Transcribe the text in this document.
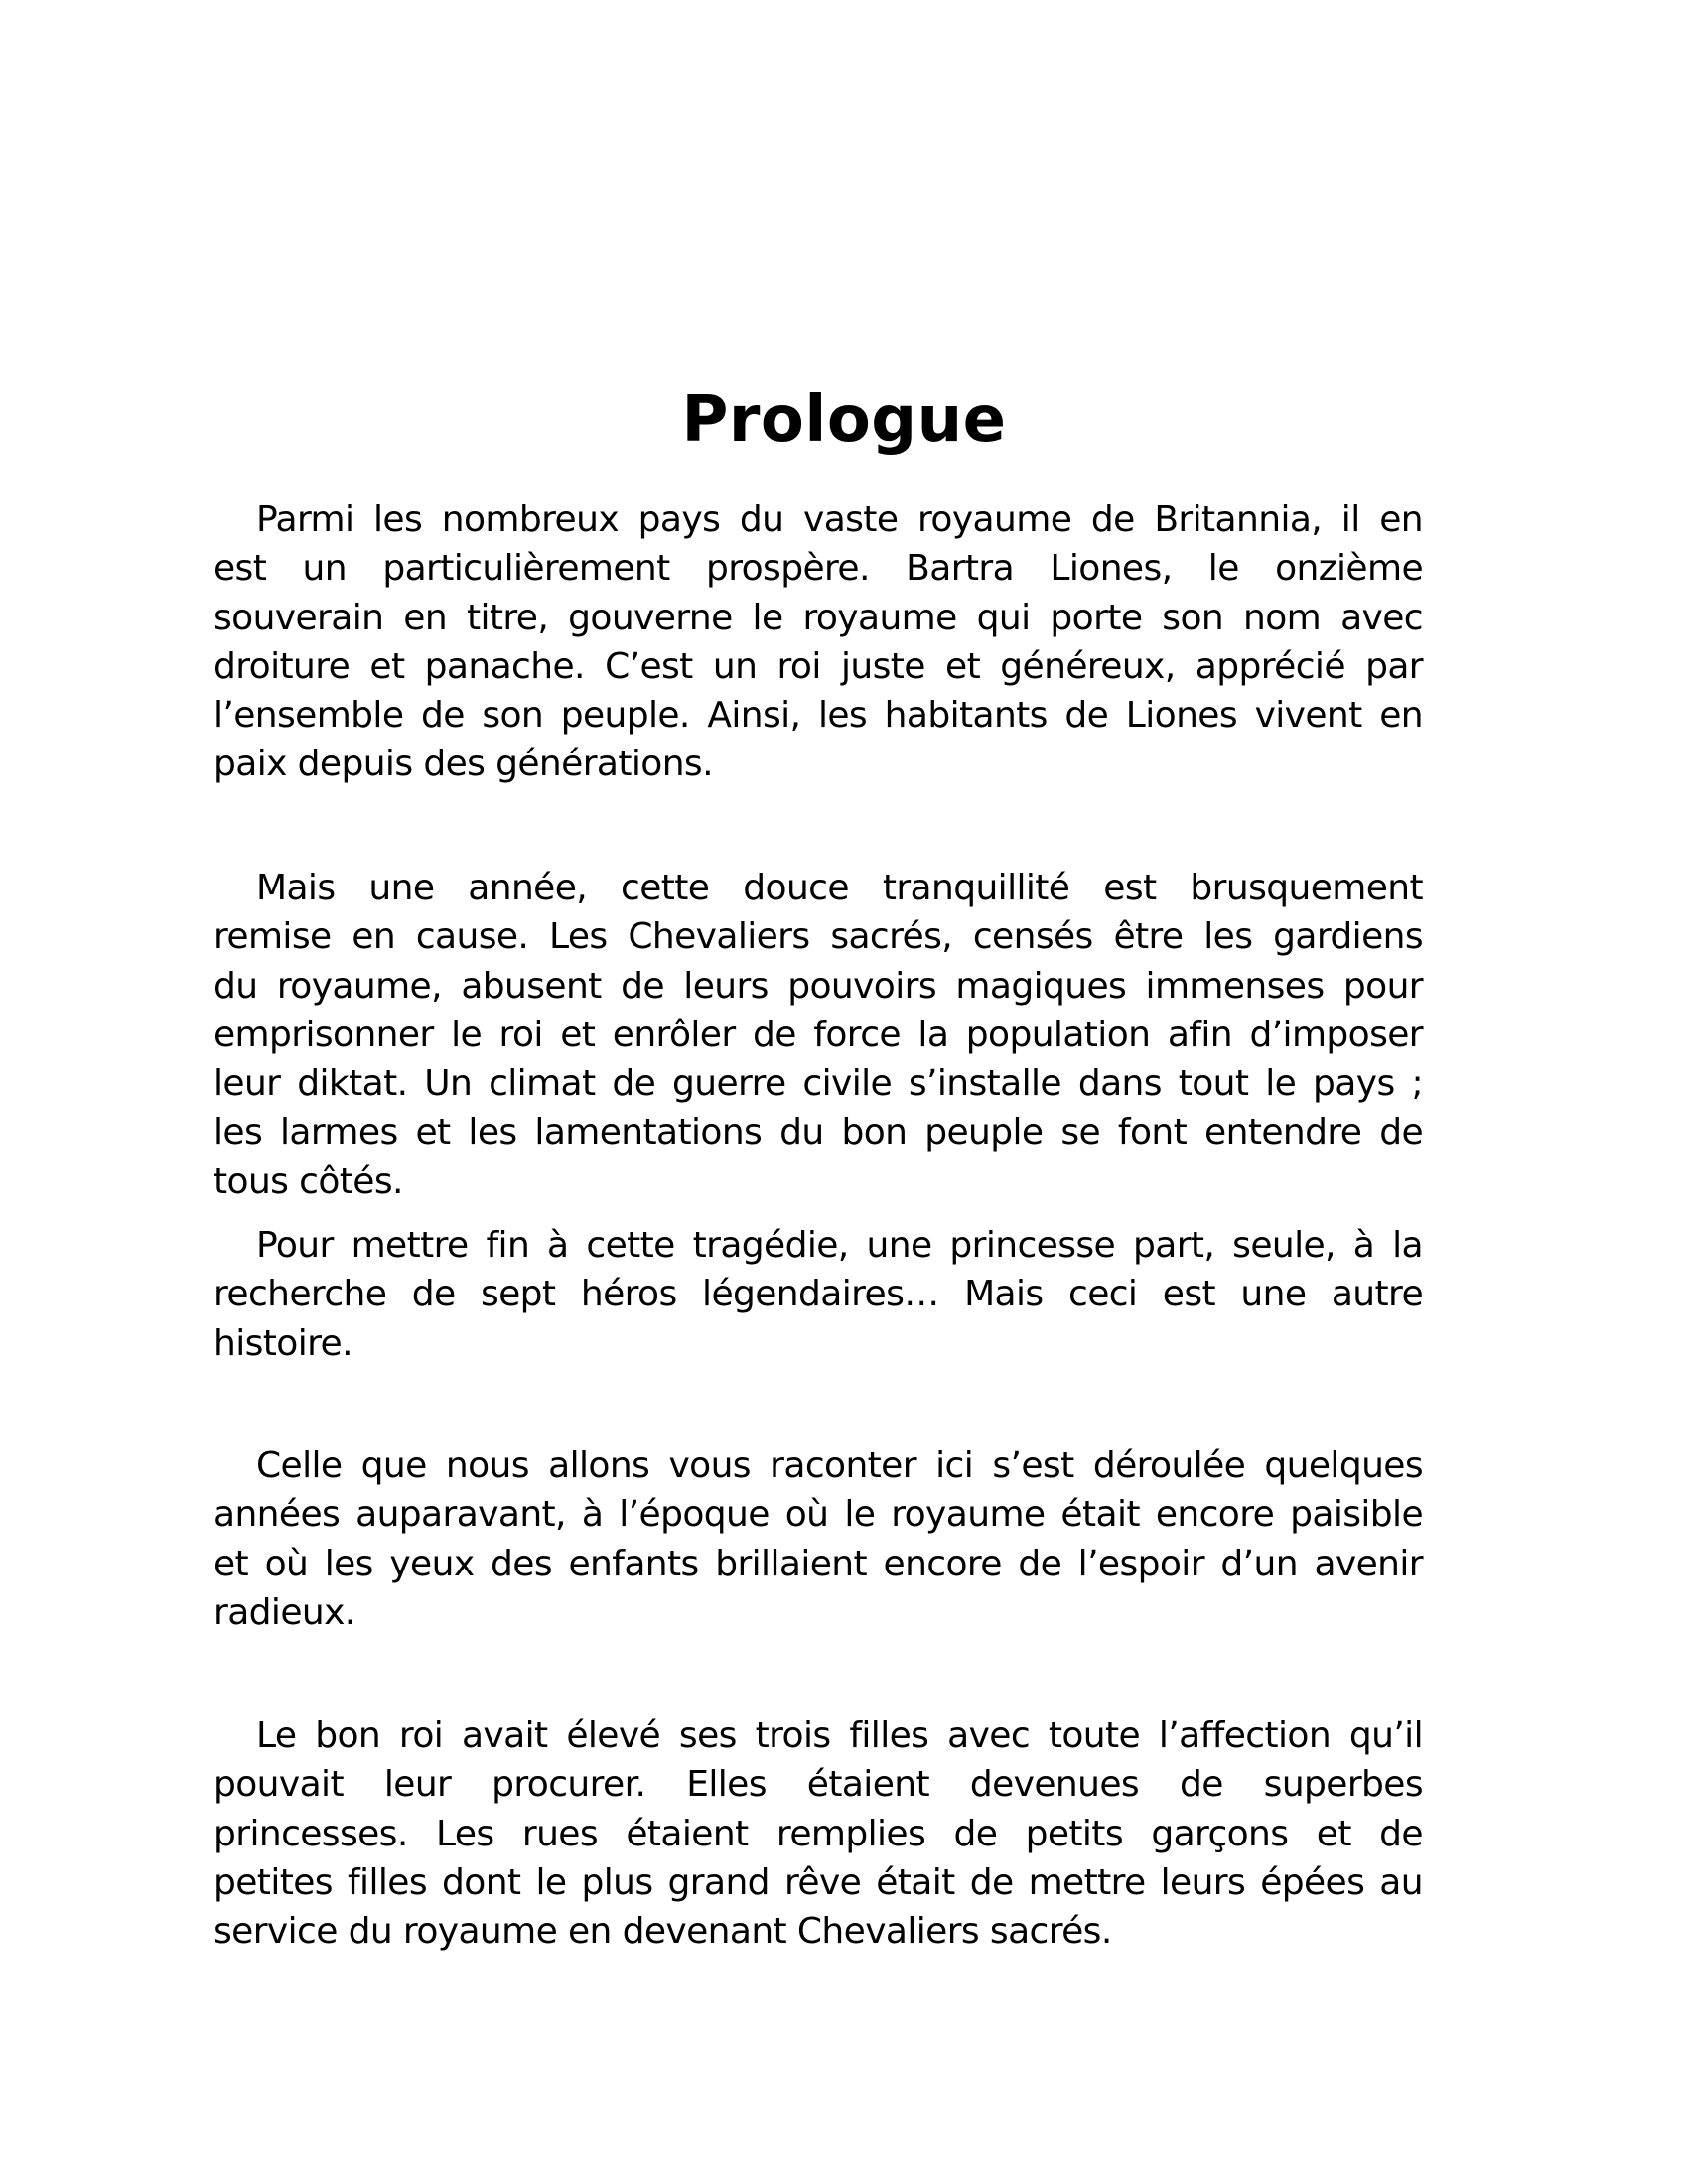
Prologue
Parmi les nombreux pays du vaste royaume de Britannia, il en
est un particulièrement prospère. Bartra Liones, le onzième
souverain en titre, gouverne le royaume qui porte son nom avec
droiture et panache. C’est un roi juste et généreux, apprécié par
l’ensemble de son peuple. Ainsi, les habitants de Liones vivent en
paix depuis des générations.
Mais une année, cette douce tranquillité est brusquement
remise en cause. Les Chevaliers sacrés, censés être les gardiens
du royaume, abusent de leurs pouvoirs magiques immenses pour
emprisonner le roi et enrôler de force la population afin d’imposer
leur diktat. Un climat de guerre civile s’installe dans tout le pays ;
les larmes et les lamentations du bon peuple se font entendre de
tous côtés.
Pour mettre fin à cette tragédie, une princesse part, seule, à la
recherche de sept héros légendaires… Mais ceci est une autre
histoire.
Celle que nous allons vous raconter ici s’est déroulée quelques
années auparavant, à l’époque où le royaume était encore paisible
et où les yeux des enfants brillaient encore de l’espoir d’un avenir
radieux.
Le bon roi avait élevé ses trois filles avec toute l’affection qu’il
pouvait leur procurer. Elles étaient devenues de superbes
princesses. Les rues étaient remplies de petits garçons et de
petites filles dont le plus grand rêve était de mettre leurs épées au
service du royaume en devenant Chevaliers sacrés.
